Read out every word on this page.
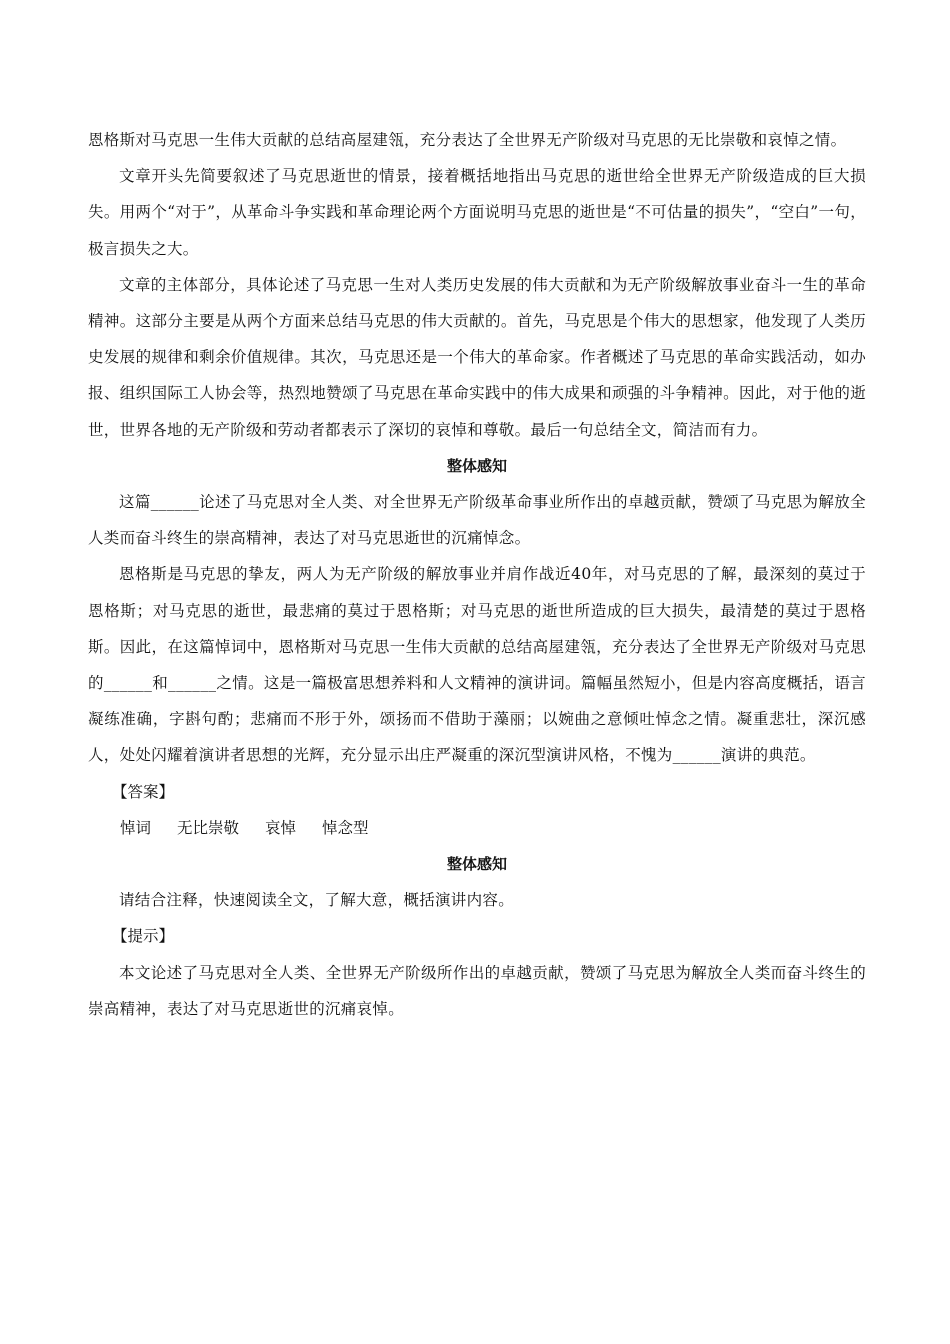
恩格斯对马克思一生伟大贡献的总结高屋建瓴，充分表达了全世界无产阶级对马克思的无比崇敬和哀悼之情。

文章开头先简要叙述了马克思逝世的情景，接着概括地指出马克思的逝世给全世界无产阶级造成的巨大损失。用两个“对于”，从革命斗争实践和革命理论两个方面说明马克思的逝世是“不可估量的损失”，“空白”一句，极言损失之大。

文章的主体部分，具体论述了马克思一生对人类历史发展的伟大贡献和为无产阶级解放事业奋斗一生的革命精神。这部分主要是从两个方面来总结马克思的伟大贡献的。首先，马克思是个伟大的思想家，他发现了人类历史发展的规律和剩余价值规律。其次，马克思还是一个伟大的革命家。作者概述了马克思的革命实践活动，如办报、组织国际工人协会等，热烈地赞颂了马克思在革命实践中的伟大成果和顽强的斗争精神。因此，对于他的逝世，世界各地的无产阶级和劳动者都表示了深切的哀悼和尊敬。最后一句总结全文，简洁而有力。

整体感知

这篇______论述了马克思对全人类、对全世界无产阶级革命事业所作出的卓越贡献，赞颂了马克思为解放全人类而奋斗终生的崇高精神，表达了对马克思逝世的沉痛悼念。

恩格斯是马克思的挚友，两人为无产阶级的解放事业并肩作战近40年，对马克思的了解，最深刻的莫过于恩格斯；对马克思的逝世，最悲痛的莫过于恩格斯；对马克思的逝世所造成的巨大损失，最清楚的莫过于恩格斯。因此，在这篇悼词中，恩格斯对马克思一生伟大贡献的总结高屋建瓴，充分表达了全世界无产阶级对马克思的______和______之情。这是一篇极富思想养料和人文精神的演讲词。篇幅虽然短小，但是内容高度概括，语言凝练准确，字斟句酌；悲痛而不形于外，颂扬而不借助于藻丽；以婉曲之意倾吐悼念之情。凝重悲壮，深沉感人，处处闪耀着演讲者思想的光辉，充分显示出庄严凝重的深沉型演讲风格，不愧为______演讲的典范。

【答案】

悼词 无比崇敬 哀悼 悼念型

整体感知

请结合注释，快速阅读全文，了解大意，概括演讲内容。

【提示】

本文论述了马克思对全人类、全世界无产阶级所作出的卓越贡献，赞颂了马克思为解放全人类而奋斗终生的崇高精神，表达了对马克思逝世的沉痛哀悼。
